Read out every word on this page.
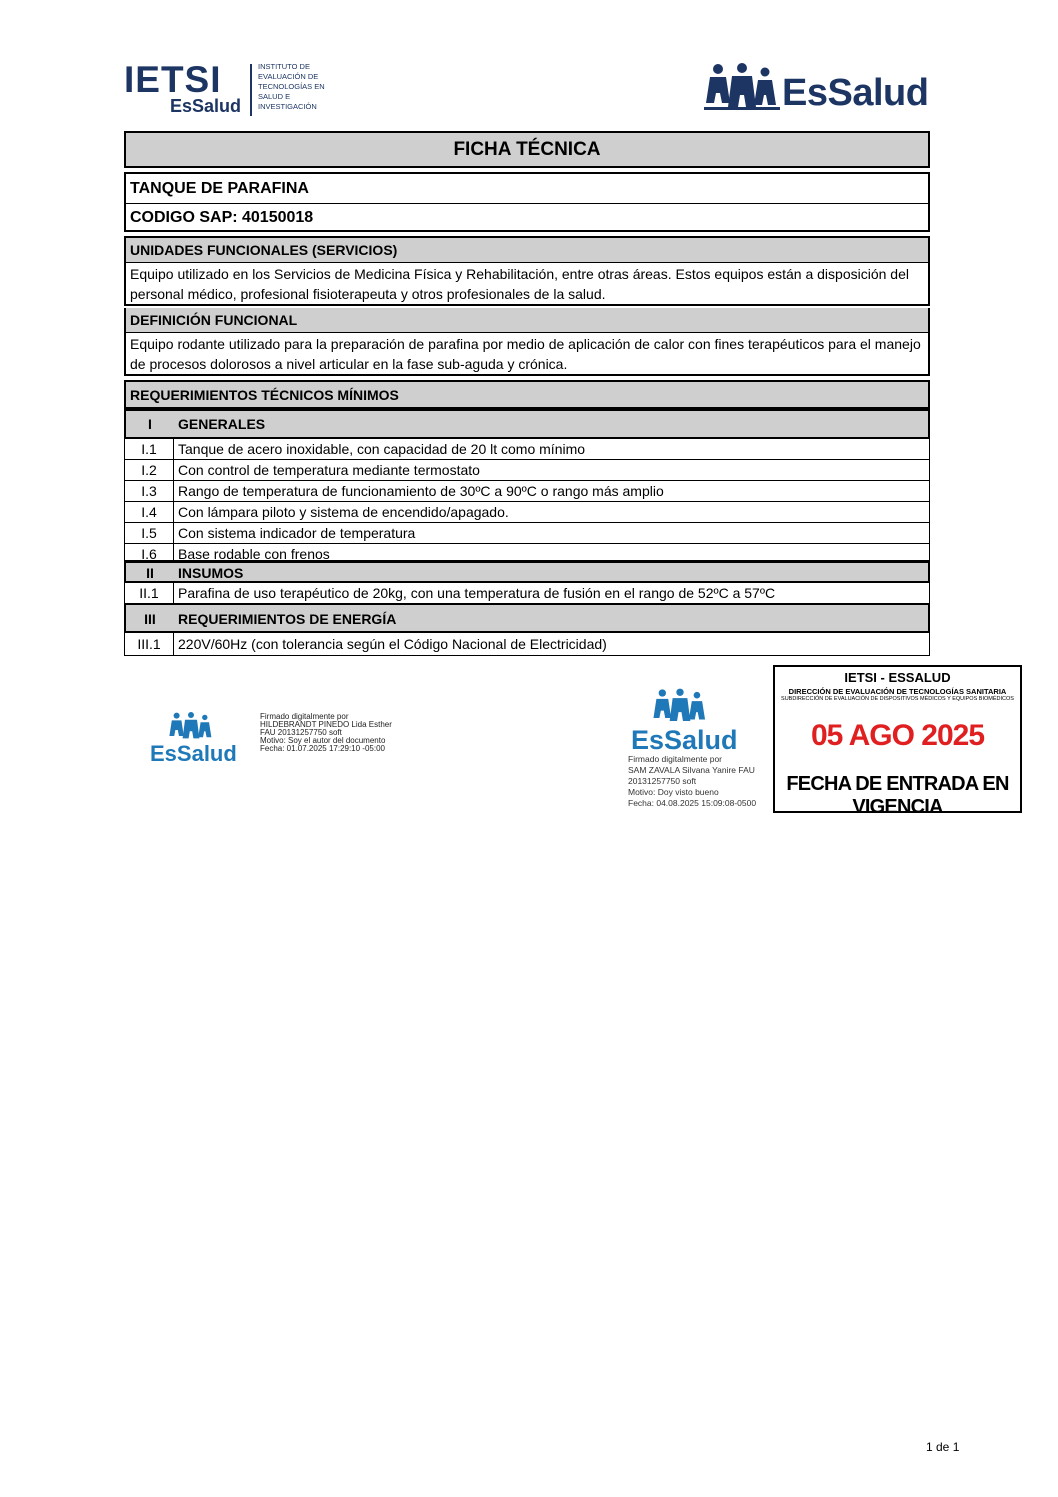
IETSI
EsSalud
INSTITUTO DE
EVALUACIÓN DE
TECNOLOGÍAS EN
SALUD E
INVESTIGACIÓN	EsSalud
FICHA TÉCNICA
TANQUE DE PARAFINA
CODIGO SAP: 40150018
UNIDADES FUNCIONALES (SERVICIOS)
Equipo utilizado en los Servicios de Medicina Física y Rehabilitación, entre otras áreas. Estos equipos están a disposición del personal médico, profesional fisioterapeuta y otros profesionales de la salud.
DEFINICIÓN FUNCIONAL
Equipo rodante utilizado para la preparación de parafina por medio de aplicación de calor con fines terapéuticos para el manejo de procesos dolorosos a nivel articular en la fase sub-aguda y crónica.
REQUERIMIENTOS TÉCNICOS MÍNIMOS
I	GENERALES
I.1	Tanque de acero inoxidable, con capacidad de 20 lt como mínimo
I.2	Con control de temperatura mediante termostato
I.3	Rango de temperatura de funcionamiento de 30ºC a 90ºC o rango más amplio
I.4	Con lámpara piloto y sistema de encendido/apagado.
I.5	Con sistema indicador de temperatura
I.6	Base rodable con frenos
II	INSUMOS
II.1	Parafina de uso terapéutico de 20kg, con una temperatura de fusión en el rango de 52ºC a 57ºC
III	REQUERIMIENTOS DE ENERGÍA
III.1	220V/60Hz (con tolerancia según el Código Nacional de Electricidad)
EsSalud
Firmado digitalmente por
HILDEBRANDT PINEDO Lida Esther
FAU 20131257750 soft
Motivo: Soy el autor del documento
Fecha: 01.07.2025 17:29:10 -05:00	EsSalud
Firmado digitalmente por
SAM ZAVALA Silvana Yanire FAU
20131257750 soft
Motivo: Doy visto bueno
Fecha: 04.08.2025 15:09:08-0500
IETSI - ESSALUD
DIRECCIÓN DE EVALUACIÓN DE TECNOLOGÍAS SANITARIA
SUBDIRECCIÓN DE EVALUACIÓN DE DISPOSITIVOS MÉDICOS Y EQUIPOS BIOMÉDICOS
05 AGO 2025
FECHA DE ENTRADA EN VIGENCIA
1 de 1
